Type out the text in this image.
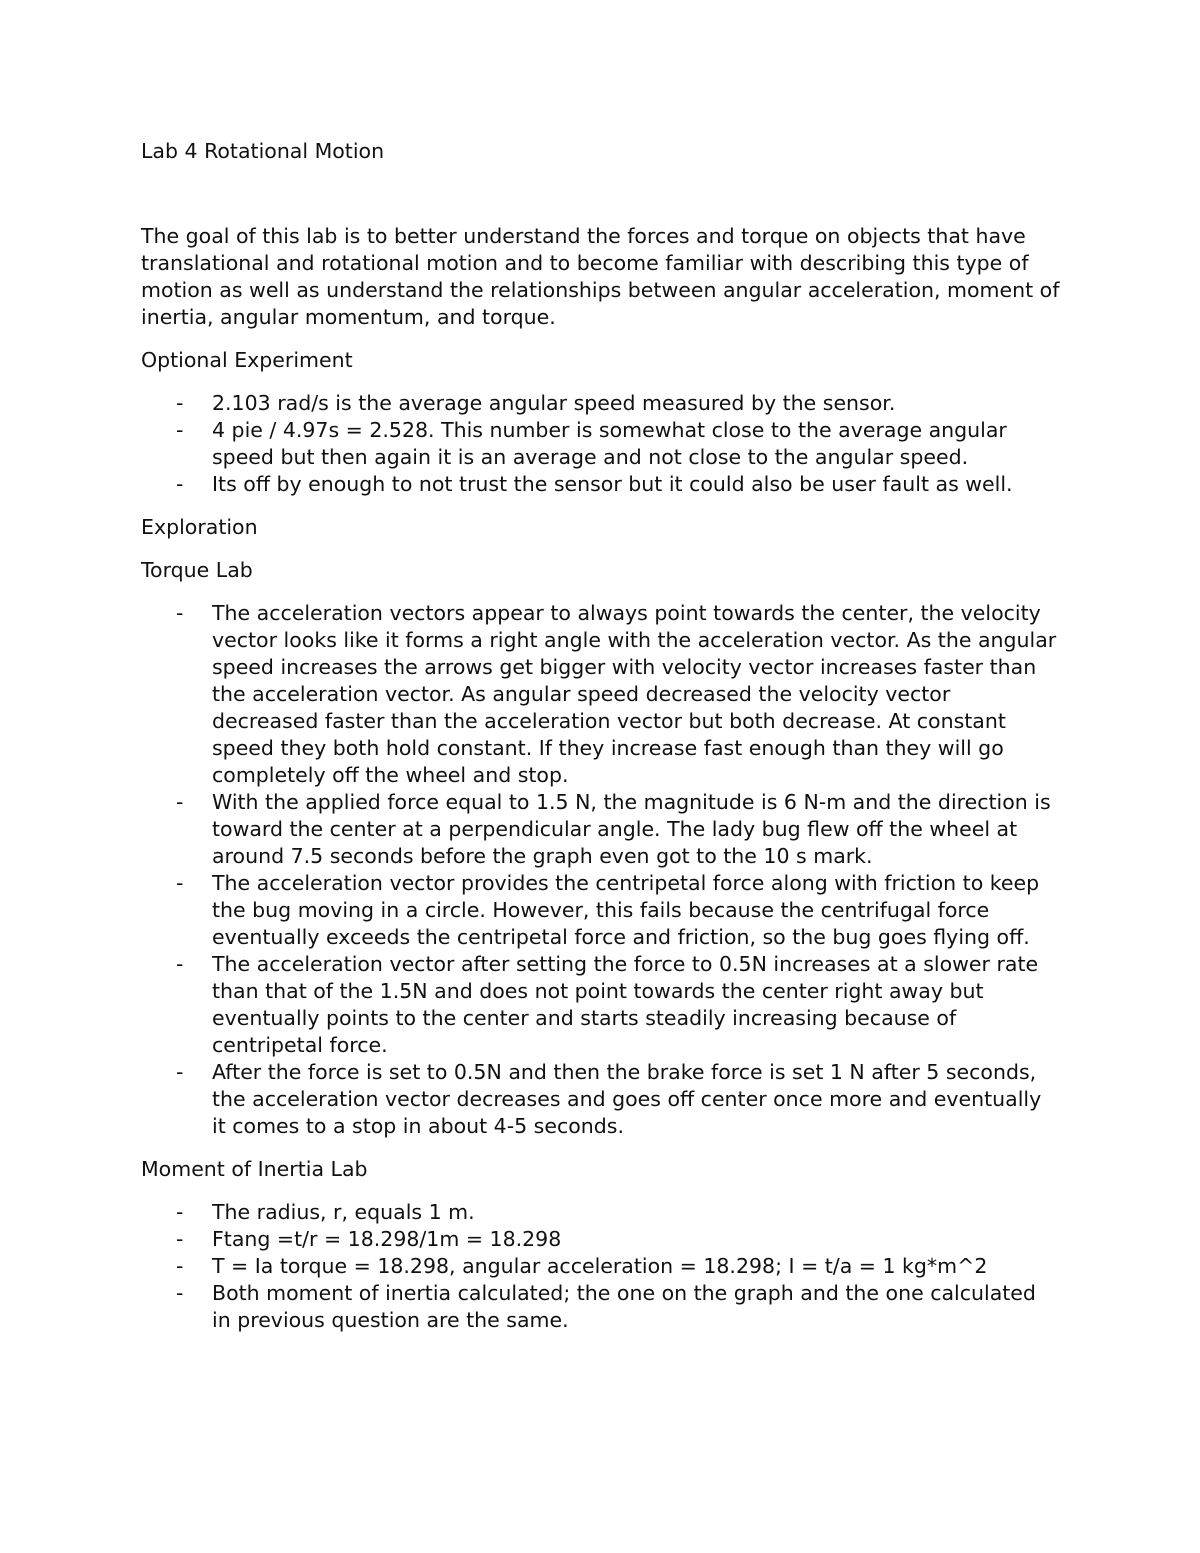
Lab 4 Rotational Motion

The goal of this lab is to better understand the forces and torque on objects that have translational and rotational motion and to become familiar with describing this type of motion as well as understand the relationships between angular acceleration, moment of inertia, angular momentum, and torque.

Optional Experiment
- 2.103 rad/s is the average angular speed measured by the sensor.
- 4 pie / 4.97s = 2.528. This number is somewhat close to the average angular speed but then again it is an average and not close to the angular speed.
- Its off by enough to not trust the sensor but it could also be user fault as well.
Exploration
Torque Lab
- The acceleration vectors appear to always point towards the center, the velocity vector looks like it forms a right angle with the acceleration vector. As the angular speed increases the arrows get bigger with velocity vector increases faster than the acceleration vector. As angular speed decreased the velocity vector decreased faster than the acceleration vector but both decrease. At constant speed they both hold constant. If they increase fast enough than they will go completely off the wheel and stop.
- With the applied force equal to 1.5 N, the magnitude is 6 N-m and the direction is toward the center at a perpendicular angle. The lady bug flew off the wheel at around 7.5 seconds before the graph even got to the 10 s mark.
- The acceleration vector provides the centripetal force along with friction to keep the bug moving in a circle. However, this fails because the centrifugal force eventually exceeds the centripetal force and friction, so the bug goes flying off.
- The acceleration vector after setting the force to 0.5N increases at a slower rate than that of the 1.5N and does not point towards the center right away but eventually points to the center and starts steadily increasing because of centripetal force.
- After the force is set to 0.5N and then the brake force is set 1 N after 5 seconds, the acceleration vector decreases and goes off center once more and eventually it comes to a stop in about 4-5 seconds.
Moment of Inertia Lab
- The radius, r, equals 1 m.
- Ftang =t/r = 18.298/1m = 18.298
- T = Ia torque = 18.298, angular acceleration = 18.298; I = t/a = 1 kg*m^2
- Both moment of inertia calculated; the one on the graph and the one calculated in previous question are the same.
